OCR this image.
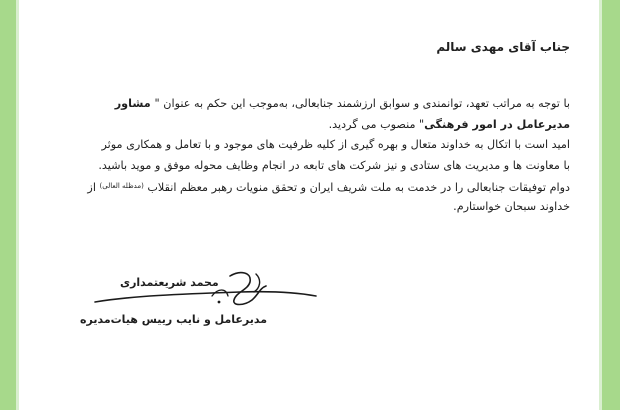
جناب آقای مهدی سالم
با توجه به مراتب تعهد، توانمندی و سوابق ارزشمند جنابعالی، به‌موجب این حکم به عنوان " مشاور
مدیرعامل در امور فرهنگی" منصوب می گردید.
امید است با اتکال به خداوند متعال و بهره گیری از کلیه ظرفیت های موجود و با تعامل و همکاری موثر
با معاونت ها و مدیریت های ستادی و نیز شرکت های تابعه در انجام وظایف محوله موفق و موید باشید.
دوام توفیقات جنابعالی را در خدمت به ملت شریف ایران و تحقق منویات رهبر معظم انقلاب $^{(مدظله العالی)}$ از
خداوند سبحان خواستارم.
محمد شریعتمداری
مدیرعامل و نایب رییس هیات‌مدیره
